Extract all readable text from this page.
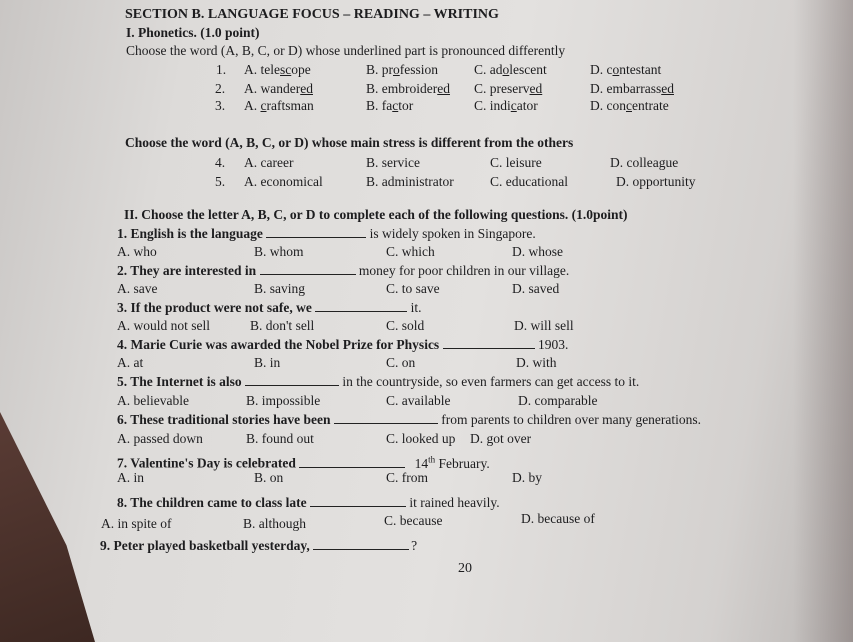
SECTION B. LANGUAGE FOCUS – READING – WRITING
I. Phonetics. (1.0 point)
Choose the word (A, B, C, or D) whose underlined part is pronounced differently
1. A. telescope	B. profession	C. adolescent	D. contestant
2. A. wandered	B. embroidered C. preserved	D. embarrassed
3. A. craftsman	B. factor	C. indicator	D. concentrate
Choose the word (A, B, C, or D) whose main stress is different from the others
4. A. career	B. service	C. leisure	D. colleague
5. A. economical	B. administrator	C. educational	D. opportunity
II. Choose the letter A, B, C, or D to complete each of the following questions. (1.0point)
1. English is the language	is widely spoken in Singapore.
A. who	B. whom	C. which	D. whose
2. They are interested in	money for poor children in our village.
A. save	B. saving	C. to save	D. saved
3. If the product were not safe, we	it.
A. would not sell	B. don't sell	C. sold	D. will sell
4. Marie Curie was awarded the Nobel Prize for Physics	1903.
A. at	B. in	C. on	D. with
5. The Internet is also	in the countryside, so even farmers can get access to it.
A. believable	B. impossible	C. available	D. comparable
6. These traditional stories have been	from parents to children over many generations.
A. passed down	B. found out	C. looked up D. got over
7. Valentine's Day is celebrated	14th February.
A. in	B. on	C. from	D. by
8. The children came to class late	it rained heavily.
A. in spite of	B. although	C. because	D. because of
9. Peter played basketball yesterday,	?
20
